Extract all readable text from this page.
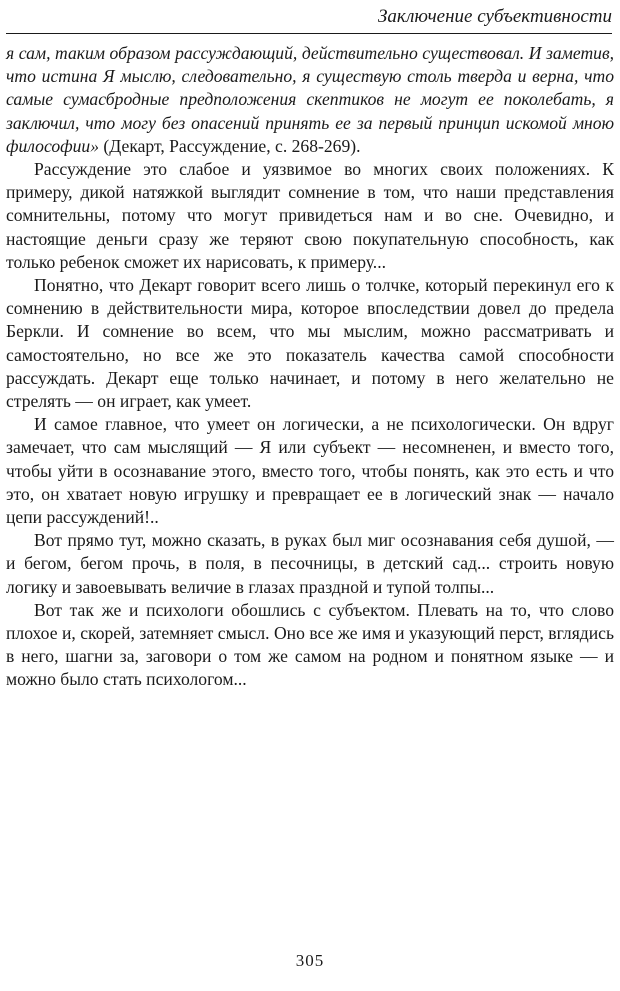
Заключение субъективности

я сам, таким образом рассуждающий, действительно существовал. И заметив, что истина Я мыслю, следовательно, я существую столь тверда и верна, что самые сумасбродные предположения скептиков не могут ее поколебать, я заключил, что могу без опасений принять ее за первый принцип искомой мною философии» (Декарт, Рассуждение, с. 268-269).

Рассуждение это слабое и уязвимое во многих своих положениях. К примеру, дикой натяжкой выглядит сомнение в том, что наши представления сомнительны, потому что могут привидеться нам и во сне. Очевидно, и настоящие деньги сразу же теряют свою покупательную способность, как только ребенок сможет их нарисовать, к примеру...

Понятно, что Декарт говорит всего лишь о толчке, который перекинул его к сомнению в действительности мира, которое впоследствии довел до предела Беркли. И сомнение во всем, что мы мыслим, можно рассматривать и самостоятельно, но все же это показатель качества самой способности рассуждать. Декарт еще только начинает, и потому в него желательно не стрелять — он играет, как умеет.

И самое главное, что умеет он логически, а не психологически. Он вдруг замечает, что сам мыслящий — Я или субъект — несомненен, и вместо того, чтобы уйти в осознавание этого, вместо того, чтобы понять, как это есть и что это, он хватает новую игрушку и превращает ее в логический знак — начало цепи рассуждений!..

Вот прямо тут, можно сказать, в руках был миг осознавания себя душой, — и бегом, бегом прочь, в поля, в песочницы, в детский сад... строить новую логику и завоевывать величие в глазах праздной и тупой толпы...

Вот так же и психологи обошлись с субъектом. Плевать на то, что слово плохое и, скорей, затемняет смысл. Оно все же имя и указующий перст, вглядись в него, шагни за, заговори о том же самом на родном и понятном языке — и можно было стать психологом...

305
